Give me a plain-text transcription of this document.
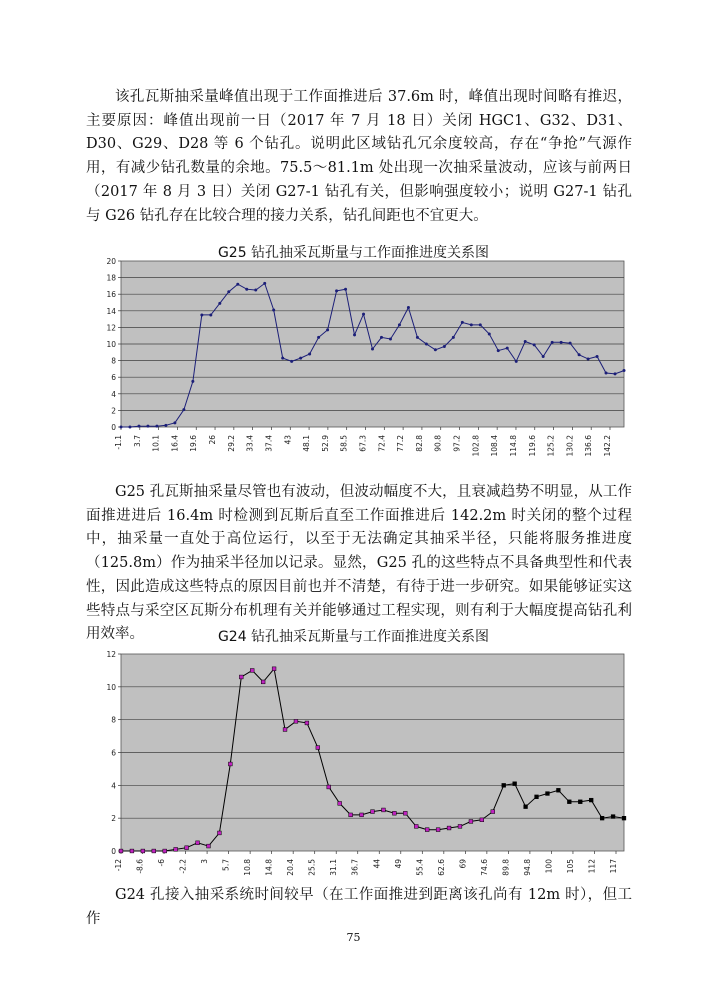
该孔瓦斯抽采量峰值出现于工作面推进后 37.6m 时，峰值出现时间略有推迟，主要原因：峰值出现前一日（2017 年 7 月 18 日）关闭 HGC1、G32、D31、D30、G29、D28 等 6 个钻孔。说明此区域钻孔冗余度较高，存在“争抢”气源作用，有减少钻孔数量的余地。75.5～81.1m 处出现一次抽采量波动，应该与前两日（2017 年 8 月 3 日）关闭 G27-1 钻孔有关，但影响强度较小；说明 G27-1 钻孔与 G26 钻孔存在比较合理的接力关系，钻孔间距也不宜更大。

G25 钻孔抽采瓦斯量与工作面推进度关系图
0
2
4
6
8
10
12
14
16
18
20
-1.1 3.7 10.1 16.4 19.6 26 29.2 33.4 37.4 43 48.1 52.9 58.5 67.3 72.4 77.2 82.8 90.8 97.2 102.8 108.4 114.8 119.6 125.2 130.2 136.6 142.2

G25 孔瓦斯抽采量尽管也有波动，但波动幅度不大，且衰减趋势不明显，从工作面推进进后 16.4m 时检测到瓦斯后直至工作面推进后 142.2m 时关闭的整个过程中，抽采量一直处于高位运行，以至于无法确定其抽采半径，只能将服务推进度（125.8m）作为抽采半径加以记录。显然，G25 孔的这些特点不具备典型性和代表性，因此造成这些特点的原因目前也并不清楚，有待于进一步研究。如果能够证实这些特点与采空区瓦斯分布机理有关并能够通过工程实现，则有利于大幅度提高钻孔利用效率。	G24 钻孔抽采瓦斯量与工作面推进度关系图
0
2
4
6
8
10
12
-12 -8.6 -6 -2.2 3 5.7 10.8 14.8 20.4 25.5 31.1 36.7 44 49 55.4 62.6 69 74.6 89.8 94.8 100 105 112 117

G24 孔接入抽采系统时间较早（在工作面推进到距离该孔尚有 12m 时），但工作

75
